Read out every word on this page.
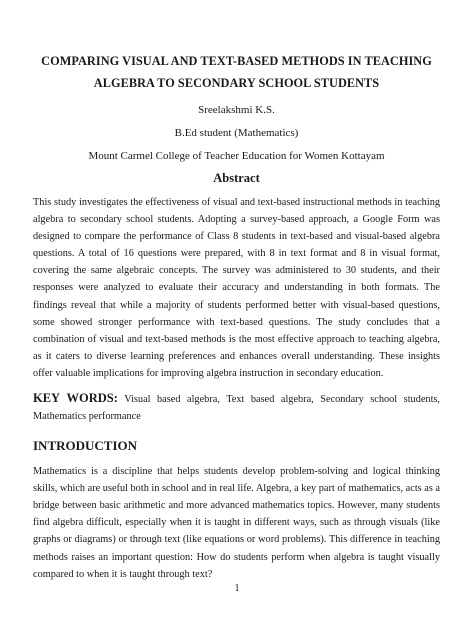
COMPARING VISUAL AND TEXT-BASED METHODS IN TEACHING

ALGEBRA TO SECONDARY SCHOOL STUDENTS

Sreelakshmi K.S.

B.Ed student (Mathematics)

Mount Carmel College of Teacher Education for Women Kottayam

Abstract

This study investigates the effectiveness of visual and text-based instructional methods in teaching algebra to secondary school students. Adopting a survey-based approach, a Google Form was designed to compare the performance of Class 8 students in text-based and visual-based algebra questions. A total of 16 questions were prepared, with 8 in text format and 8 in visual format, covering the same algebraic concepts. The survey was administered to 30 students, and their responses were analyzed to evaluate their accuracy and understanding in both formats. The findings reveal that while a majority of students performed better with visual-based questions, some showed stronger performance with text-based questions. The study concludes that a combination of visual and text-based methods is the most effective approach to teaching algebra, as it caters to diverse learning preferences and enhances overall understanding. These insights offer valuable implications for improving algebra instruction in secondary education.

KEY WORDS: Visual based algebra, Text based algebra, Secondary school students, Mathematics performance

INTRODUCTION

Mathematics is a discipline that helps students develop problem-solving and logical thinking skills, which are useful both in school and in real life. Algebra, a key part of mathematics, acts as a bridge between basic arithmetic and more advanced mathematics topics. However, many students find algebra difficult, especially when it is taught in different ways, such as through visuals (like graphs or diagrams) or through text (like equations or word problems). This difference in teaching methods raises an important question: How do students perform when algebra is taught visually compared to when it is taught through text?

1
